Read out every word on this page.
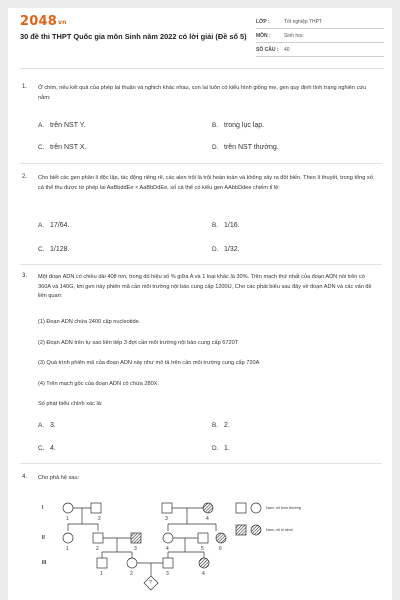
2048vn
30 đề thi THPT Quốc gia môn Sinh năm 2022 có lời giải (Đề số 5)
LỚP :	Tốt nghiệp THPT
MÔN :	Sinh học
SỐ CÂU : 40
1. Ở chim, nếu kết quả của phép lai thuận và nghịch khác nhau, con lai luôn có kiểu hình giống mẹ, gen quy định tính trạng nghiên cứu nằm:
A. trên NST Y.	B. trong lục lạp.
C. trên NST X.	D. trên NST thường.
2. Cho biết các gen phân li độc lập, tác động riêng rẽ, các alen trội là trội hoàn toàn và không xảy ra đột biến. Theo lí thuyết, trong tổng số cá thể thu được từ phép lai AaBbddEe × AaBbDdEe, số cá thể có kiểu gen AAbbDdee chiếm tỉ lệ:
A. 17/64.	B. 1/16.
C. 1/128.	D. 1/32.
3. Một đoạn ADN có chiều dài 408 nm, trong đó hiệu số % giữa A và 1 loại khác là 30%. Trên mạch thứ nhất của đoạn ADN nói trên có 360A và 140G, khi gen này phiên mã cần môi trường nội bào cung cấp 1200U, Cho các phát biểu sau đây về đoạn ADN và các vấn đề liên quan:
(1) Đoạn ADN chứa 2400 cặp nucleotide.
(2) Đoạn ADN trên tự sao liên tiếp 3 đợt cần môi trường nội bào cung cấp 6720T
(3) Quá trình phiên mã của đoạn ADN này như mô tả trên cần môi trường cung cấp 720A
(4) Trên mạch gốc của đoạn ADN có chứa 280X.
Số phát biểu chính xác là:
A. 3.	B. 2.
C. 4.	D. 1.
4. Cho phả hệ sau:
I
II
III
1	2	3	4
1	2	3	4	5	6
1	2	3	4
?
Nam, nữ bình thường
Nam, nữ bị bệnh
